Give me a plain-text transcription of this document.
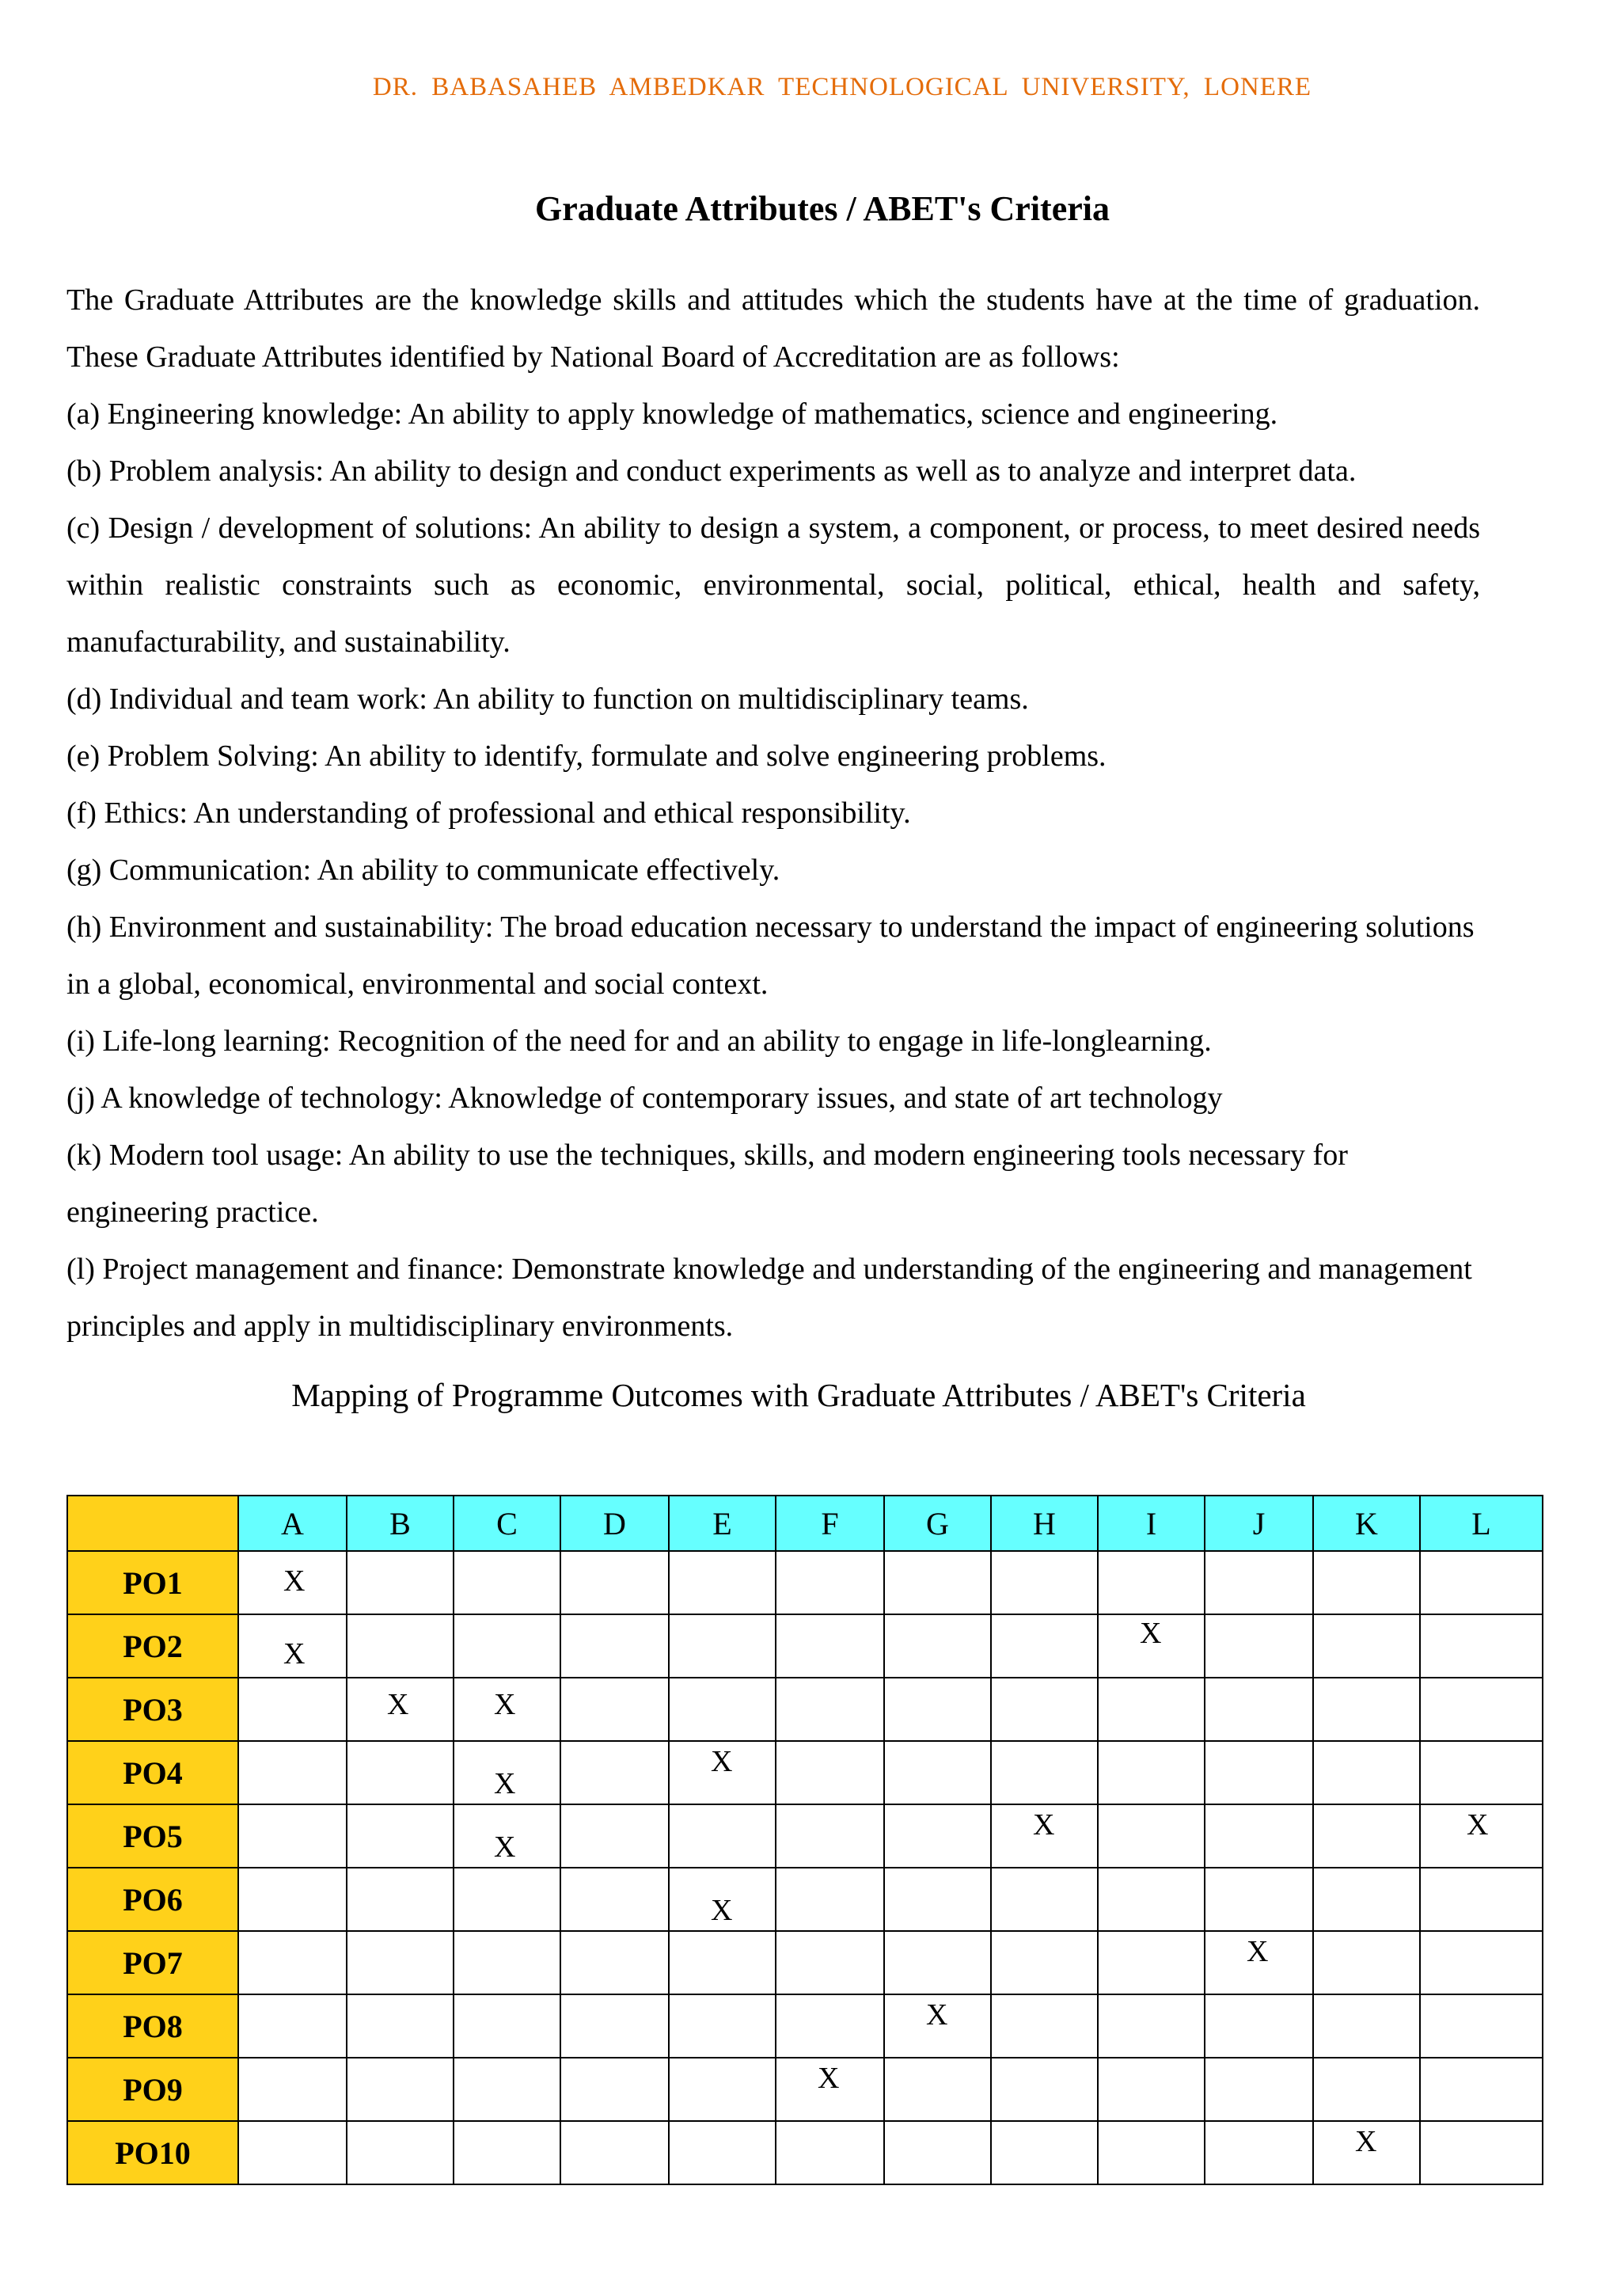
DR. BABASAHEB AMBEDKAR TECHNOLOGICAL UNIVERSITY, LONERE
Graduate Attributes / ABET's Criteria

The Graduate Attributes are the knowledge skills and attitudes which the students have at the time of graduation. These Graduate Attributes identified by National Board of Accreditation are as follows:

(a) Engineering knowledge: An ability to apply knowledge of mathematics, science and engineering.

(b) Problem analysis: An ability to design and conduct experiments as well as to analyze and interpret data.

(c) Design / development of solutions: An ability to design a system, a component, or process, to meet desired needs within realistic constraints such as economic, environmental, social, political, ethical, health and safety, manufacturability, and sustainability.

(d) Individual and team work: An ability to function on multidisciplinary teams.

(e) Problem Solving: An ability to identify, formulate and solve engineering problems.

(f) Ethics: An understanding of professional and ethical responsibility.

(g) Communication: An ability to communicate effectively.

(h) Environment and sustainability: The broad education necessary to understand the impact of engineering solutions in a global, economical, environmental and social context.

(i) Life-long learning: Recognition of the need for and an ability to engage in life-longlearning.

(j) A knowledge of technology: Aknowledge of contemporary issues, and state of art technology

(k) Modern tool usage: An ability to use the techniques, skills, and modern engineering tools necessary for engineering practice.

(l) Project management and finance: Demonstrate knowledge and understanding of the engineering and management principles and apply in multidisciplinary environments.

Mapping of Programme Outcomes with Graduate Attributes / ABET's Criteria
	A	B	C	D	E	F	G	H	I	J	K	L
PO1	X											

PO2	X								X			

PO3		X	X									

PO4			X		X							

PO5			X					X				X

PO6					X							

PO7										X		

PO8							X					

PO9						X						

PO10											X	
